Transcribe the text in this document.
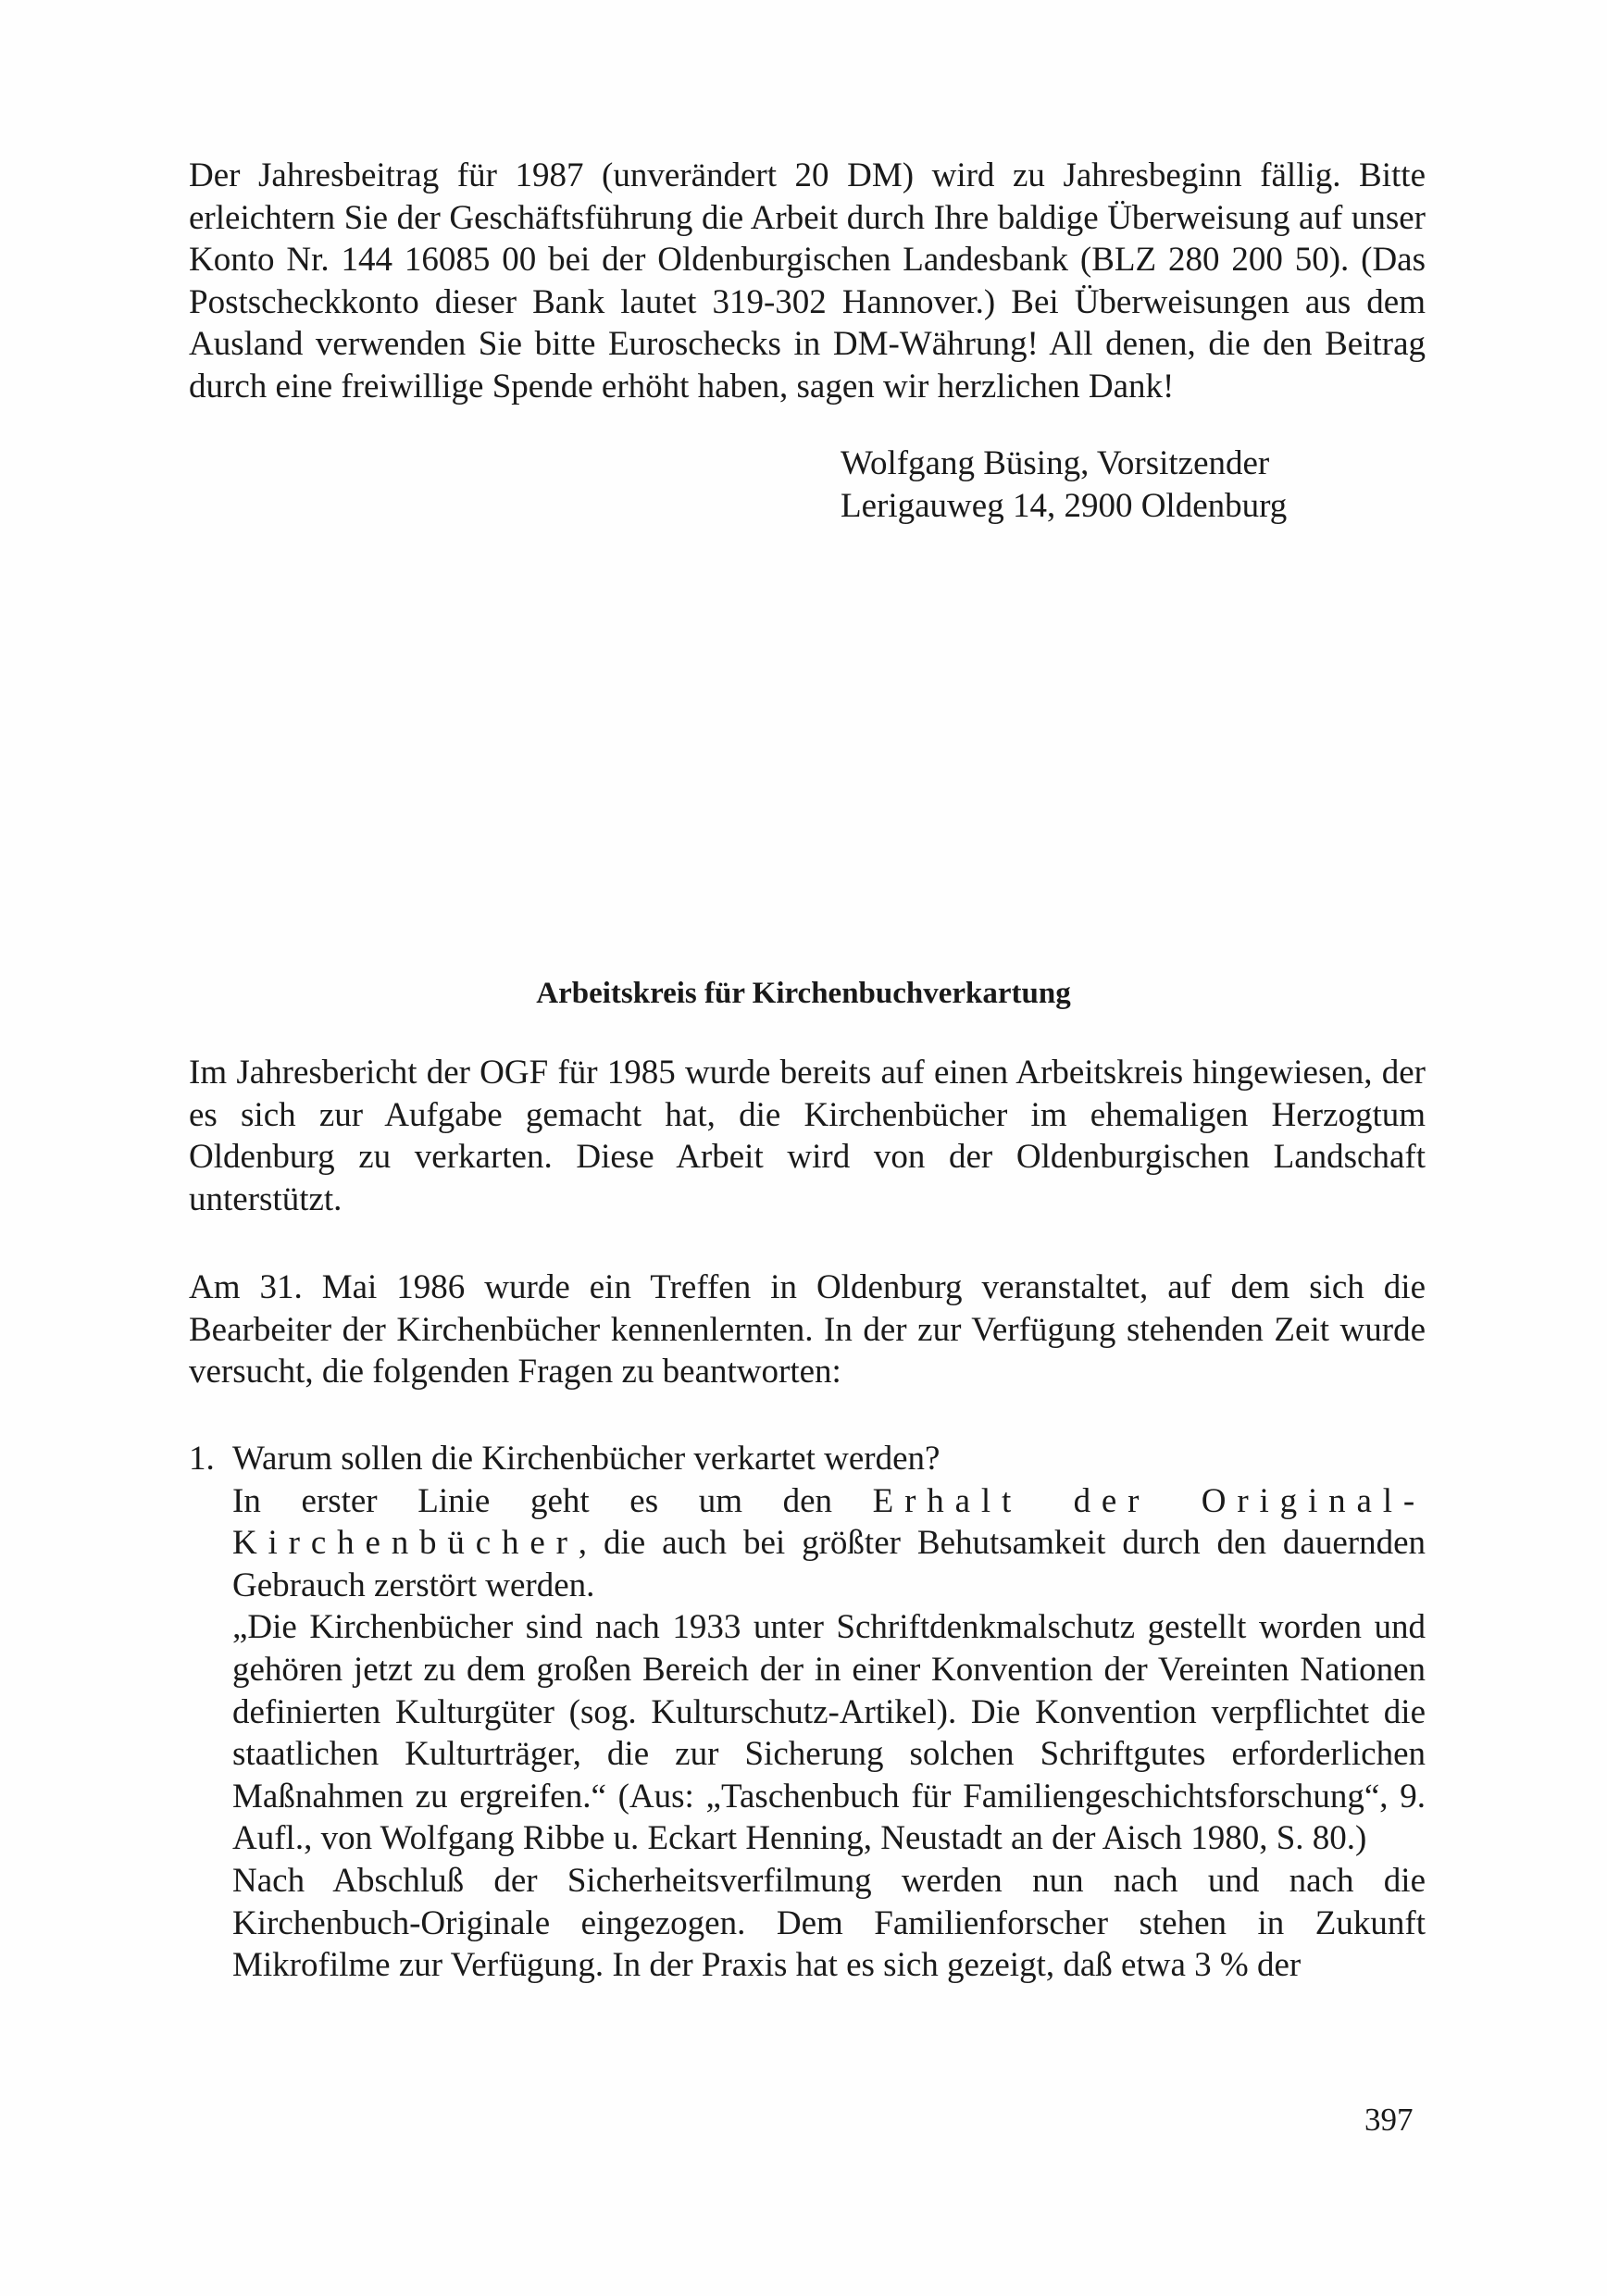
Der Jahresbeitrag für 1987 (unverändert 20 DM) wird zu Jahresbeginn fällig. Bitte erleichtern Sie der Geschäftsführung die Arbeit durch Ihre baldige Überweisung auf unser Konto Nr. 144 16085 00 bei der Oldenburgischen Landesbank (BLZ 280 200 50). (Das Postscheckkonto dieser Bank lautet 319-302 Hannover.) Bei Überweisungen aus dem Ausland verwenden Sie bitte Euroschecks in DM-Währung! All denen, die den Beitrag durch eine freiwillige Spende erhöht haben, sagen wir herzlichen Dank!

Wolfgang Büsing, Vorsitzender
Lerigauweg 14, 2900 Oldenburg
Arbeitskreis für Kirchenbuchverkartung

Im Jahresbericht der OGF für 1985 wurde bereits auf einen Arbeitskreis hingewiesen, der es sich zur Aufgabe gemacht hat, die Kirchenbücher im ehemaligen Herzogtum Oldenburg zu verkarten. Diese Arbeit wird von der Oldenburgischen Landschaft unterstützt.

Am 31. Mai 1986 wurde ein Treffen in Oldenburg veranstaltet, auf dem sich die Bearbeiter der Kirchenbücher kennenlernten. In der zur Verfügung stehenden Zeit wurde versucht, die folgenden Fragen zu beantworten:

1. Warum sollen die Kirchenbücher verkartet werden?

In erster Linie geht es um den Erhalt der Original-Kirchenbücher, die auch bei größter Behutsamkeit durch den dauernden Gebrauch zerstört werden.

„Die Kirchenbücher sind nach 1933 unter Schriftdenkmalschutz gestellt worden und gehören jetzt zu dem großen Bereich der in einer Konvention der Vereinten Nationen definierten Kulturgüter (sog. Kulturschutz-Artikel). Die Konvention verpflichtet die staatlichen Kulturträger, die zur Sicherung solchen Schriftgutes erforderlichen Maßnahmen zu ergreifen.“ (Aus: „Taschenbuch für Familiengeschichtsforschung“, 9. Aufl., von Wolfgang Ribbe u. Eckart Henning, Neustadt an der Aisch 1980, S. 80.)

Nach Abschluß der Sicherheitsverfilmung werden nun nach und nach die Kirchenbuch-Originale eingezogen. Dem Familienforscher stehen in Zukunft Mikrofilme zur Verfügung. In der Praxis hat es sich gezeigt, daß etwa 3 % der

397
